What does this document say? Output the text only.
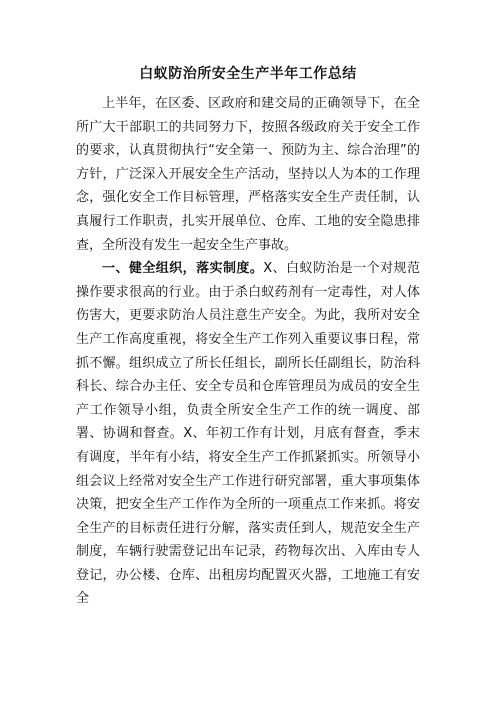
白蚁防治所安全生产半年工作总结

上半年，在区委、区政府和建交局的正确领导下，在全所广大干部职工的共同努力下，按照各级政府关于安全工作的要求，认真贯彻执行“安全第一、预防为主、综合治理”的方针，广泛深入开展安全生产活动，坚持以人为本的工作理念，强化安全工作目标管理，严格落实安全生产责任制，认真履行工作职责，扎实开展单位、仓库、工地的安全隐患排查，全所没有发生一起安全生产事故。

一、健全组织，落实制度。X、白蚁防治是一个对规范操作要求很高的行业。由于杀白蚁药剂有一定毒性，对人体伤害大，更要求防治人员注意生产安全。为此，我所对安全生产工作高度重视，将安全生产工作列入重要议事日程，常抓不懈。组织成立了所长任组长，副所长任副组长，防治科科长、综合办主任、安全专员和仓库管理员为成员的安全生产工作领导小组，负责全所安全生产工作的统一调度、部署、协调和督查。X、年初工作有计划，月底有督查，季末有调度，半年有小结，将安全生产工作抓紧抓实。所领导小组会议上经常对安全生产工作进行研究部署，重大事项集体决策，把安全生产工作作为全所的一项重点工作来抓。将安全生产的目标责任进行分解，落实责任到人，规范安全生产制度，车辆行驶需登记出车记录，药物每次出、入库由专人登记，办公楼、仓库、出租房均配置灭火器，工地施工有安全
